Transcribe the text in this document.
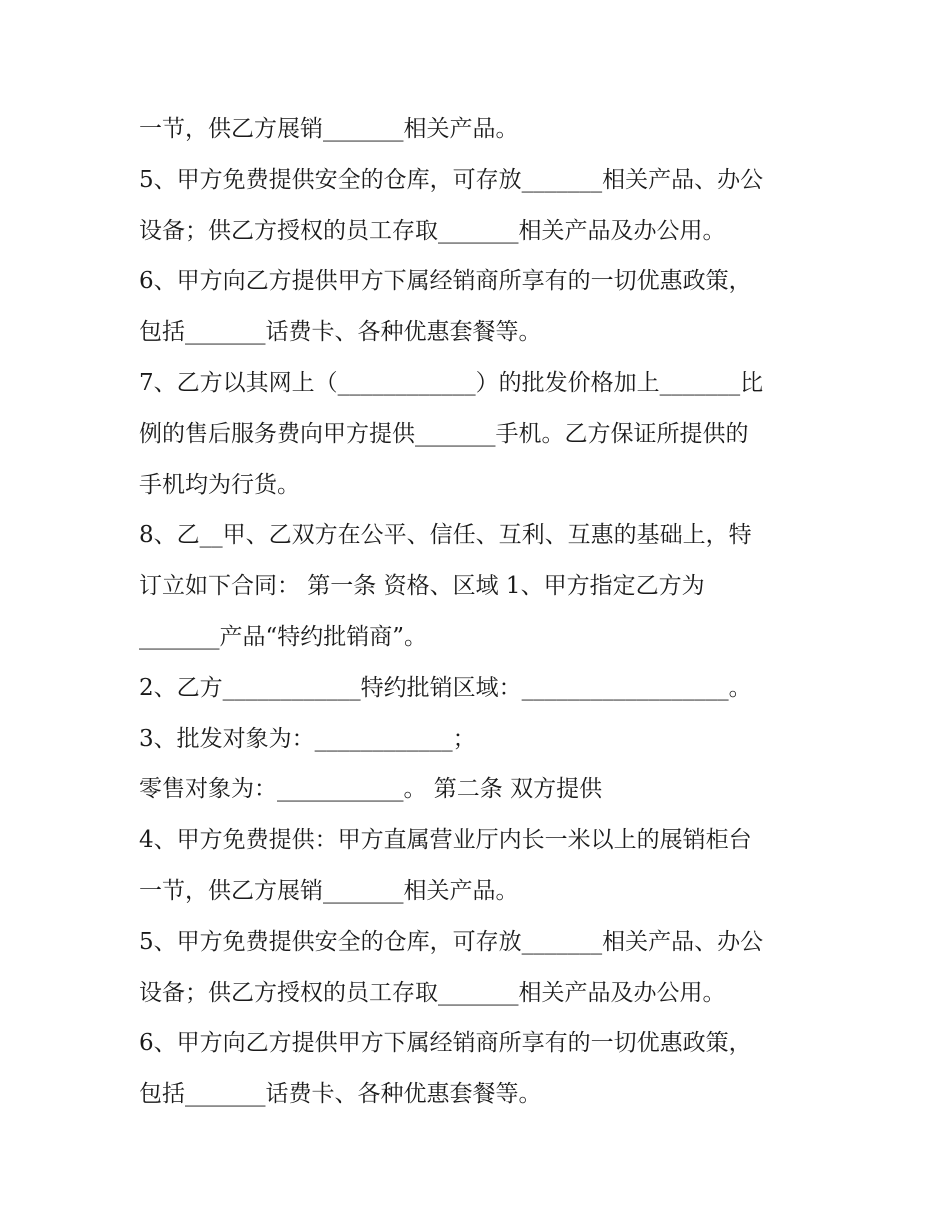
一节，供乙方展销_______相关产品。
5、甲方免费提供安全的仓库，可存放_______相关产品、办公
设备；供乙方授权的员工存取_______相关产品及办公用。
6、甲方向乙方提供甲方下属经销商所享有的一切优惠政策，
包括_______话费卡、各种优惠套餐等。
7、乙方以其网上（____________）的批发价格加上_______比
例的售后服务费向甲方提供_______手机。乙方保证所提供的
手机均为行货。
8、乙__甲、乙双方在公平、信任、互利、互惠的基础上，特
订立如下合同： 第一条 资格、区域 1、甲方指定乙方为
_______产品“特约批销商”。
2、乙方____________特约批销区域：__________________。
3、批发对象为：____________；
零售对象为：___________。 第二条 双方提供
4、甲方免费提供：甲方直属营业厅内长一米以上的展销柜台
一节，供乙方展销_______相关产品。
5、甲方免费提供安全的仓库，可存放_______相关产品、办公
设备；供乙方授权的员工存取_______相关产品及办公用。
6、甲方向乙方提供甲方下属经销商所享有的一切优惠政策，
包括_______话费卡、各种优惠套餐等。
